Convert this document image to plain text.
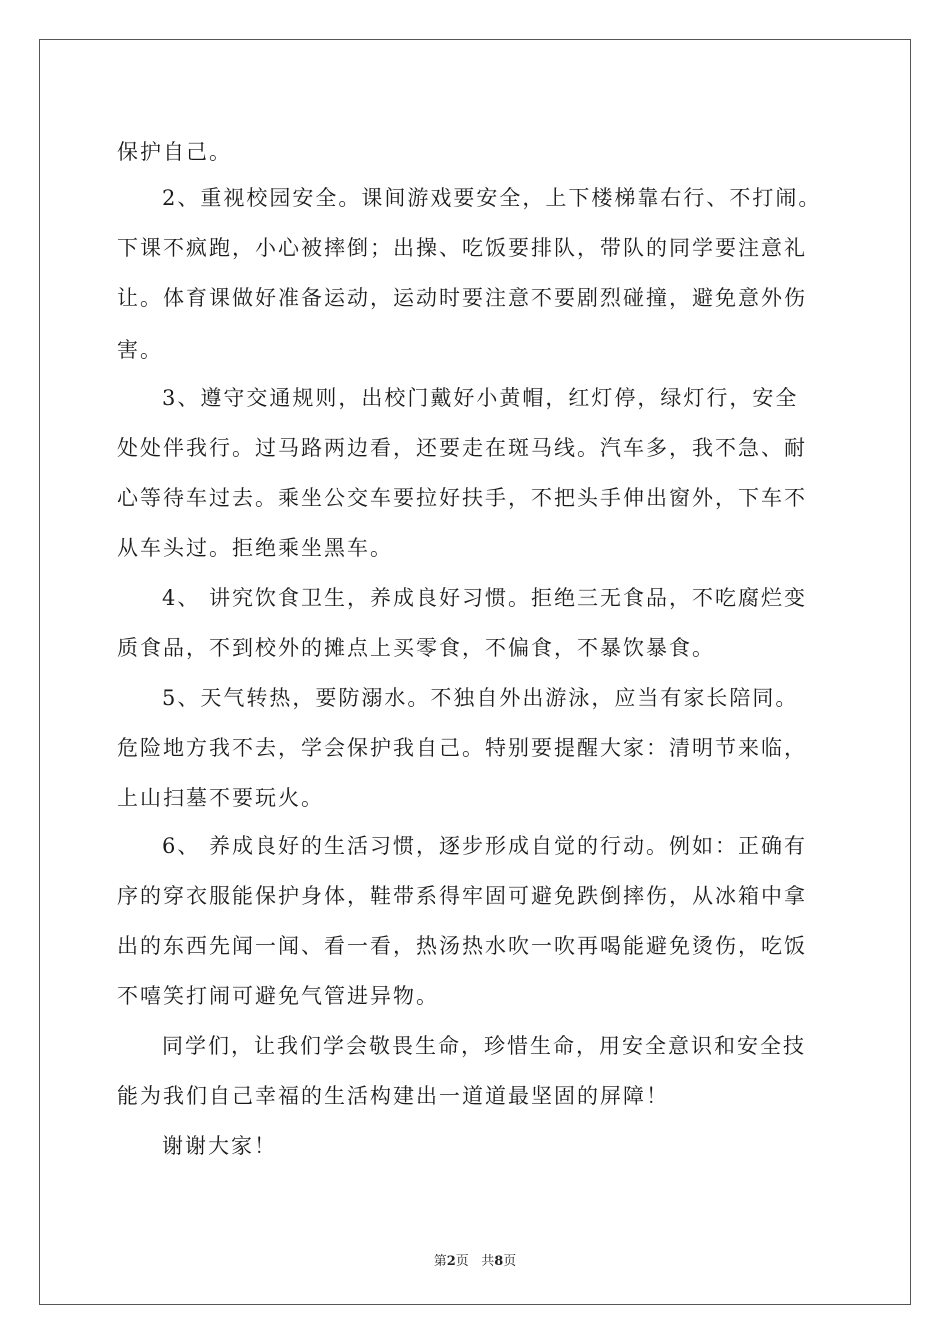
保护自己。
2、重视校园安全。课间游戏要安全，上下楼梯靠右行、不打闹。
下课不疯跑，小心被摔倒；出操、吃饭要排队，带队的同学要注意礼
让。体育课做好准备运动，运动时要注意不要剧烈碰撞，避免意外伤
害。
3、遵守交通规则，出校门戴好小黄帽，红灯停，绿灯行，安全
处处伴我行。过马路两边看，还要走在斑马线。汽车多，我不急、耐
心等待车过去。乘坐公交车要拉好扶手，不把头手伸出窗外，下车不
从车头过。拒绝乘坐黑车。
4、 讲究饮食卫生，养成良好习惯。拒绝三无食品，不吃腐烂变
质食品，不到校外的摊点上买零食，不偏食，不暴饮暴食。
5、天气转热，要防溺水。不独自外出游泳，应当有家长陪同。
危险地方我不去，学会保护我自己。特别要提醒大家：清明节来临，
上山扫墓不要玩火。
6、 养成良好的生活习惯，逐步形成自觉的行动。例如：正确有
序的穿衣服能保护身体，鞋带系得牢固可避免跌倒摔伤，从冰箱中拿
出的东西先闻一闻、看一看，热汤热水吹一吹再喝能避免烫伤，吃饭
不嘻笑打闹可避免气管进异物。
同学们，让我们学会敬畏生命，珍惜生命，用安全意识和安全技
能为我们自己幸福的生活构建出一道道最坚固的屏障！
谢谢大家！
第2页 共8页
